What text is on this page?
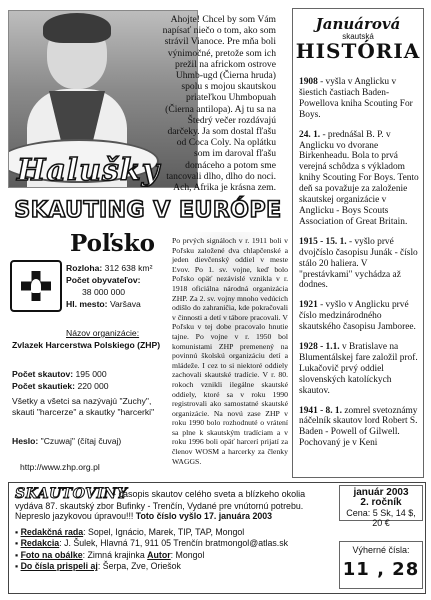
Halušky

Ahojte! Chcel by som Vám napísať niečo o tom, ako som strávil Vianoce. Pre mňa boli výnimočné, pretože som ich prežil na africkom ostrove Uhmb-ugd (Čierna hruda) spolu s mojou skautskou priateľkou Uhmbopuah (Čierna antilopa). Aj tu sa na Štedrý večer rozdávajú darčeky. Ja som dostal fľašu od Coca Coly. Na oplátku som im daroval fľašu domáceho a potom sme tancovali dlho, dlho do noci. Ach, Afrika je krásna zem.

Januárová
skautská
HISTÓRIA
1908 - vyšla v Anglicku v šiestich častiach Baden-Powellova kniha Scouting For Boys.
24. 1. - prednášal B. P. v Anglicku vo dvorane Birkenheadu. Bola to prvá verejná schôdza s výkladom knihy Scouting For Boys. Tento deň sa považuje za založenie skautskej organizácie v Anglicku - Boys Scouts Association of Great Britain.
1915 - 15. 1. - vyšlo prvé dvojčíslo časopisu Junák - číslo stálo 20 haliera. V "prestávkami" vychádza až dodnes.
1921 - vyšlo v Anglicku prvé číslo medzinárodného skautského časopisu Jamboree.
1928 - 1.1. v Bratislave na Blumentálskej fare založil prof. Lukačovič prvý oddiel slovenských katolíckych skautov.
1941 - 8. 1. zomrel svetoznámy náčelník skautov lord Robert S. Baden - Powell of Gilwell. Pochovaný je v Keni
SKAUTING V EURÓPE
Poľsko
Rozloha: 312 638 km²
Počet obyvateľov:
38 000 000
Hl. mesto: Varšava
Názov organizácie:
Zvlazek Harcerstwa Polskiego (ZHP)
Počet skautov: 195 000
Počet skautiek: 220 000
Všetky a všetci sa nazývajú "Zuchy", skauti "harcerze" a skautky "harcerki"
Heslo: "Czuwaj" (čítaj čuvaj)
http://www.zhp.org.pl
Po prvých signáloch v r. 1911 boli v Poľsku založené dva chlapčenské a jeden dievčenský oddiel v meste Ľvov. Po 1. sv. vojne, keď bolo Poľsko opäť nezávislé vznikla v r. 1918 oficiálna národná organizácia ZHP. Za 2. sv. vojny mnoho vedúcich odišlo do zahraničia, kde pokračovali v činnosti a detí v tábore pracovali. V Poľsku v tej dobe pracovalo hnutie tajne. Po vojne v r. 1950 bol komunistami ZHP premenený na povinnú školskú organizáciu detí a mládeže. I cez to si niektoré oddiely zachovali skautské tradície. V r. 80. rokoch vznikli ilegálne skautské oddiely, ktoré sa v roku 1990 registrovali ako samostatné skautské organizácie. Na novú zase ZHP v roku 1990 bolo rozhodnuté o vrátení sa plne k skautským tradíciam a v roku 1996 boli opäť harcerí prijatí za členov WOSM a harcerky za členky WAGGS.
SKAUTOVINY
- časopis skautov celého sveta a blízkeho okolia
vydáva 87. skautský zbor Bufinky - Trenčín, Vydané pre vnútornú potrebu.
Nepreslo jazykovou úpravou!!! Toto číslo vyšlo 17. januára 2003
január 2003
2. ročník
Cena: 5 Sk, 14 $, 20 €
▪ Redakčná rada: Sopel, Ignácio, Marek, TIP, TAP, Mongol
▪ Redakcia: J. Šulek, Hlavná 71, 911 05 Trenčín bratmongol@atlas.sk
▪ Foto na obálke: Zimná krajinka Autor: Mongol
▪ Do čísla prispeli aj: Šerpa, Zve, Oriešok
Výherné čísla:
11 , 28
